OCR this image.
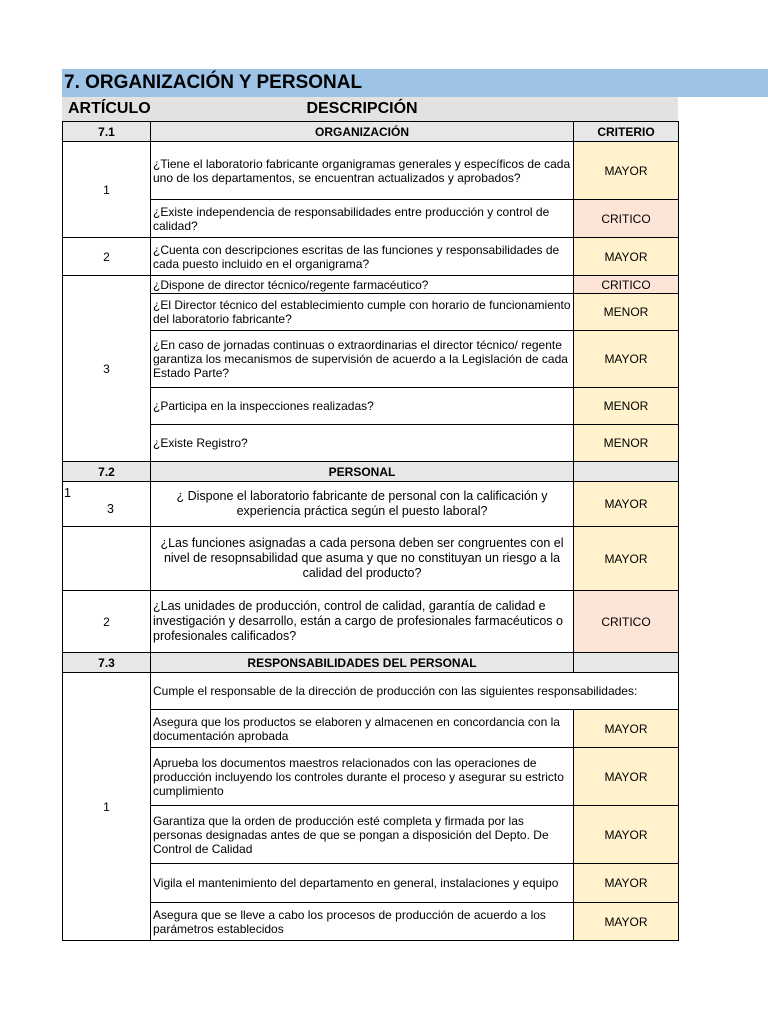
7. ORGANIZACIÓN Y PERSONAL
ARTÍCULO	DESCRIPCIÓN
7.1	ORGANIZACIÓN	CRITERIO
1	¿Tiene el laboratorio fabricante organigramas generales y específicos de cada uno de los departamentos, se encuentran actualizados y aprobados?	MAYOR
	¿Existe independencia de responsabilidades entre producción y control de calidad?	CRITICO
2	¿Cuenta con descripciones escritas de las funciones y responsabilidades de cada puesto incluido en el organigrama?	MAYOR
3	¿Dispone de director técnico/regente farmacéutico?	CRITICO
	¿El Director técnico del establecimiento cumple con horario de funcionamiento del laboratorio fabricante?	MENOR
	¿En caso de jornadas continuas o extraordinarias el director técnico/ regente garantiza los mecanismos de supervisión de acuerdo a la Legislación de cada Estado Parte?	MAYOR
	¿Participa en la inspecciones realizadas?	MENOR
	¿Existe Registro?	MENOR
7.2	PERSONAL	

1
3	¿ Dispone el laboratorio fabricante de personal con la calificación y experiencia práctica según el puesto laboral?	MAYOR
	¿Las funciones asignadas a cada persona deben ser congruentes con el nivel de resopnsabilidad que asuma y que no constituyan un riesgo a la calidad del producto?	MAYOR
2	¿Las unidades de producción, control de calidad, garantía de calidad e investigación y desarrollo, están a cargo de profesionales farmacéuticos o profesionales calificados?	CRITICO
7.3	RESPONSABILIDADES DEL PERSONAL	
1	Cumple el responsable de la dirección de producción con las siguientes responsabilidades:	
	Asegura que los productos se elaboren y almacenen en concordancia con la documentación aprobada	MAYOR
	Aprueba los documentos maestros relacionados con las operaciones de producción incluyendo los controles durante el proceso y asegurar su estricto cumplimiento	MAYOR
	Garantiza que la orden de producción esté completa y firmada por las personas designadas antes de que se pongan a disposición del Depto. De Control de Calidad	MAYOR
	Vigila el mantenimiento del departamento en general, instalaciones y equipo	MAYOR
	Asegura que se lleve a cabo los procesos de producción de acuerdo a los parámetros establecidos	MAYOR
